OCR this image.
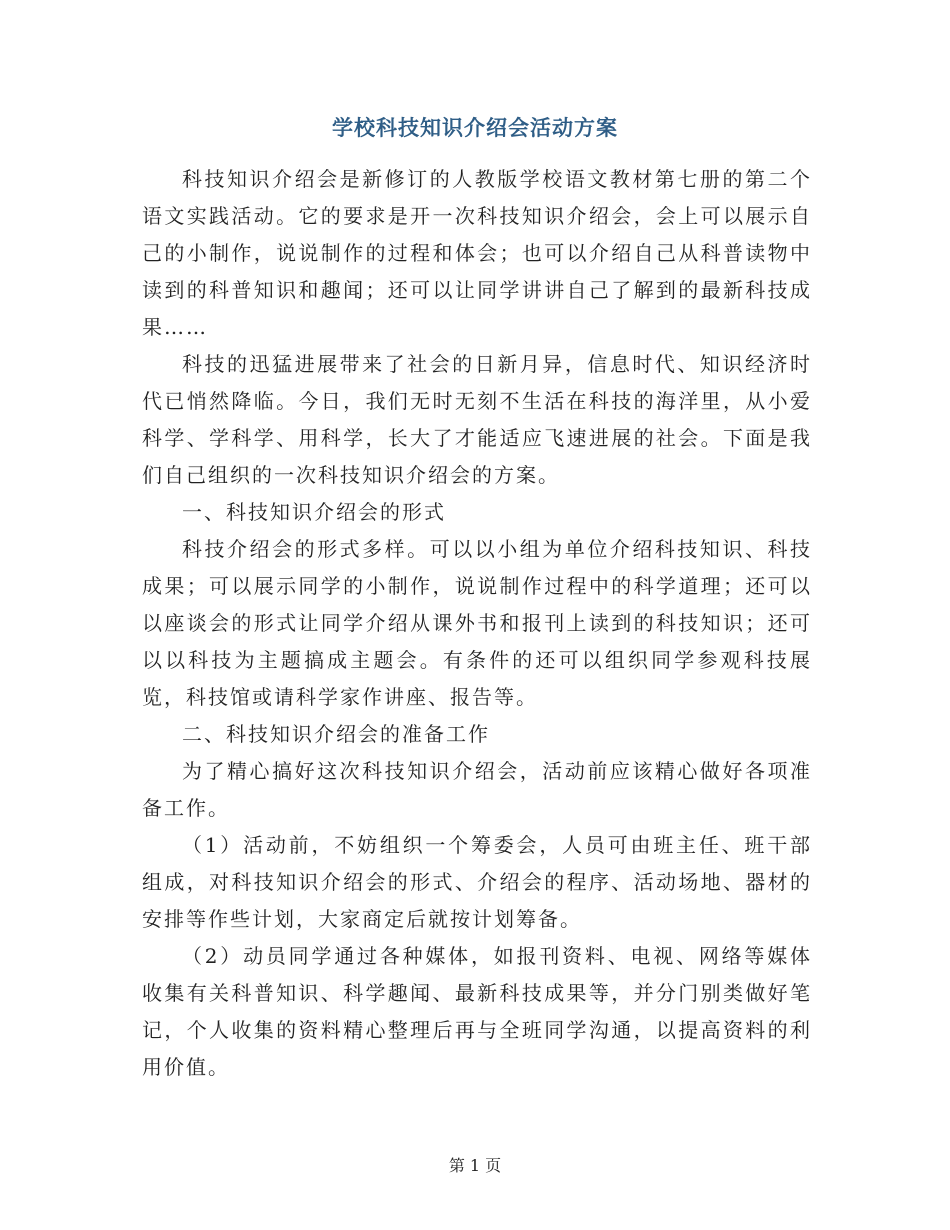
学校科技知识介绍会活动方案

科技知识介绍会是新修订的人教版学校语文教材第七册的第二个语文实践活动。它的要求是开一次科技知识介绍会，会上可以展示自己的小制作，说说制作的过程和体会；也可以介绍自己从科普读物中读到的科普知识和趣闻；还可以让同学讲讲自己了解到的最新科技成果……

科技的迅猛进展带来了社会的日新月异，信息时代、知识经济时代已悄然降临。今日，我们无时无刻不生活在科技的海洋里，从小爱科学、学科学、用科学，长大了才能适应飞速进展的社会。下面是我们自己组织的一次科技知识介绍会的方案。

一、科技知识介绍会的形式

科技介绍会的形式多样。可以以小组为单位介绍科技知识、科技成果；可以展示同学的小制作，说说制作过程中的科学道理；还可以以座谈会的形式让同学介绍从课外书和报刊上读到的科技知识；还可以以科技为主题搞成主题会。有条件的还可以组织同学参观科技展览，科技馆或请科学家作讲座、报告等。

二、科技知识介绍会的准备工作

为了精心搞好这次科技知识介绍会，活动前应该精心做好各项准备工作。

（1）活动前，不妨组织一个筹委会，人员可由班主任、班干部组成，对科技知识介绍会的形式、介绍会的程序、活动场地、器材的安排等作些计划，大家商定后就按计划筹备。

（2）动员同学通过各种媒体，如报刊资料、电视、网络等媒体收集有关科普知识、科学趣闻、最新科技成果等，并分门别类做好笔记，个人收集的资料精心整理后再与全班同学沟通，以提高资料的利用价值。

第 1 页
